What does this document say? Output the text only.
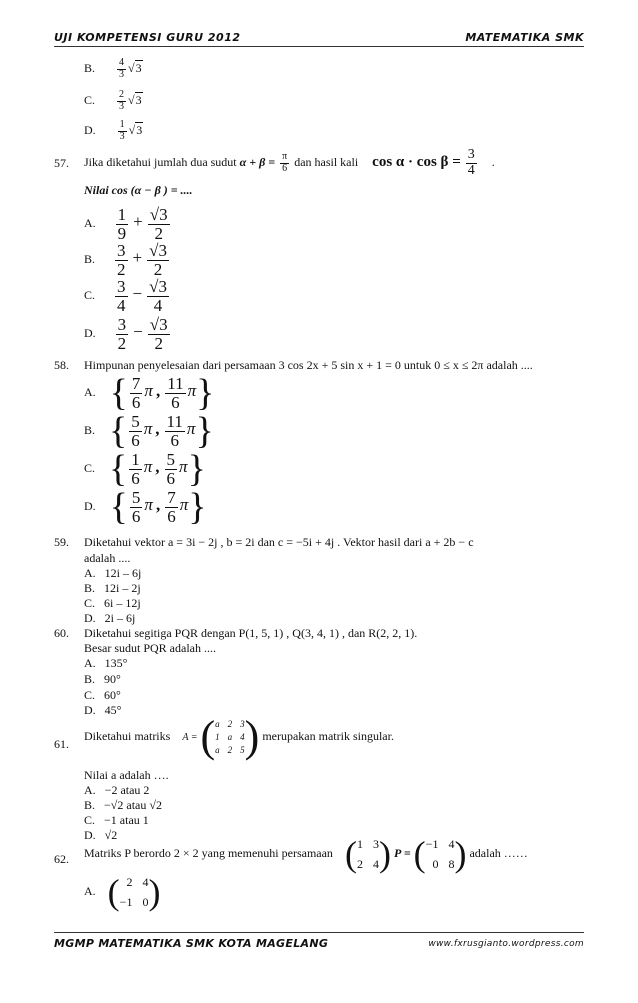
UJI KOMPETENSI GURU 2012	MATEMATIKA SMK
B. $\frac{4}{3} √3$
C. $\frac{2}{3} √3$
D. $\frac{1}{3} √3$
57. Jika diketahui jumlah dua sudut $\alpha + \beta = \frac{\pi}{6}$ dan hasil kali $\cos \alpha \cdot \cos \beta = \frac{3}{4}$ .
Nilai cos (α − β ) = ....
A. $\frac{1}{9} + \frac{√3}{2}$
B. $\frac{3}{2} + \frac{√3}{2}$
C. $\frac{3}{4} - \frac{√3}{4}$
D. $\frac{3}{2} - \frac{√3}{2}$
58. Himpunan penyelesaian dari persamaan 3 cos 2x + 5 sin x + 1 = 0 untuk 0 ≤ x ≤ 2π adalah ....
A. { $\frac{7}{6}$ π , $\frac{11}{6} \pi$}
B. { $\frac{5}{6}$ π , $\frac{11}{6} \pi$}
C. { $\frac{1}{6}$ π , $\frac{5}{6} \pi$}
D. { $\frac{5}{6}$ π , $\frac{7}{6} \pi$}
59. Diketahui vektor a = 3i − 2j , b = 2i dan c = −5i + 4j . Vektor hasil dari a + 2b − c
adalah ....
A. 12i – 6j
B. 12i – 2j
C. 6i – 12j
D. 2i – 6j
60. Diketahui segitiga PQR dengan P(1, 5, 1) , Q(3, 4, 1) , dan R(2, 2, 1).
Besar sudut PQR adalah ....
A. 135°
B. 90°
C. 60°
D. 45°
61.
Diketahui matriks A = ( a 2 3
1 a 4
a 2 5 ) merupakan matrik singular.
Nilai a adalah ….
A. −2 atau 2
B. −√2 atau √2
C. −1 atau 1
D. √2
62. Matriks P berordo 2 × 2 yang memenuhi persamaan ( 1 3
2 4 ) P = ( −1 4
0 8 ) adalah ……
A. ( 2 4
−1 0 )
MGMP MATEMATIKA SMK KOTA MAGELANG	www.fxrusgianto.wordpress.com
